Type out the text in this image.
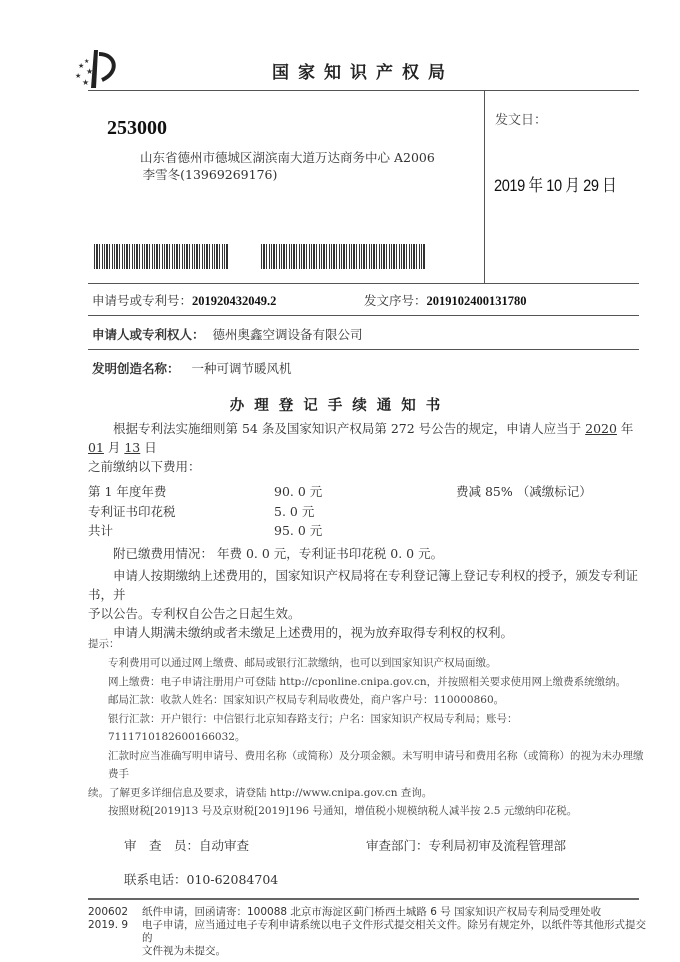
★
★
★
★
★	国家知识产权局
253000
山东省德州市德城区湖滨南大道万达商务中心 A2006
李雪冬(13969269176)
发文日：
2019 年 10 月 29 日
申请号或专利号：201920432049.2	发文序号：2019102400131780
申请人或专利权人： 德州奥鑫空调设备有限公司
发明创造名称： 一种可调节暖风机
办理登记手续通知书
根据专利法实施细则第 54 条及国家知识产权局第 272 号公告的规定，申请人应当于 2020 年 01 月 13 日
之前缴纳以下费用：
第 1 年度年费	90. 0 元	费减 85% （减缴标记）
专利证书印花税	5. 0 元
共计	95. 0 元
附已缴费用情况： 年费 0. 0 元，专利证书印花税 0. 0 元。
申请人按期缴纳上述费用的，国家知识产权局将在专利登记簿上登记专利权的授予，颁发专利证书，并
予以公告。专利权自公告之日起生效。
申请人期满未缴纳或者未缴足上述费用的，视为放弃取得专利权的权利。
提示：
专利费用可以通过网上缴费、邮局或银行汇款缴纳，也可以到国家知识产权局面缴。
网上缴费：电子申请注册用户可登陆 http://cponline.cnipa.gov.cn，并按照相关要求使用网上缴费系统缴纳。
邮局汇款：收款人姓名：国家知识产权局专利局收费处，商户客户号：110000860。
银行汇款：开户银行：中信银行北京知春路支行；户名：国家知识产权局专利局；账号：7111710182600166032。
汇款时应当准确写明申请号、费用名称（或简称）及分项金额。未写明申请号和费用名称（或简称）的视为未办理缴费手
续。了解更多详细信息及要求，请登陆 http://www.cnipa.gov.cn 查询。
按照财税[2019]13 号及京财税[2019]196 号通知，增值税小规模纳税人减半按 2.5 元缴纳印花税。
审　查　员：自动审查	审查部门：专利局初审及流程管理部
联系电话：010-62084704
200602
2019. 9
纸件申请，回函请寄：100088 北京市海淀区蓟门桥西土城路 6 号 国家知识产权局专利局受理处收
电子申请，应当通过电子专利申请系统以电子文件形式提交相关文件。除另有规定外，以纸件等其他形式提交的
文件视为未提交。
